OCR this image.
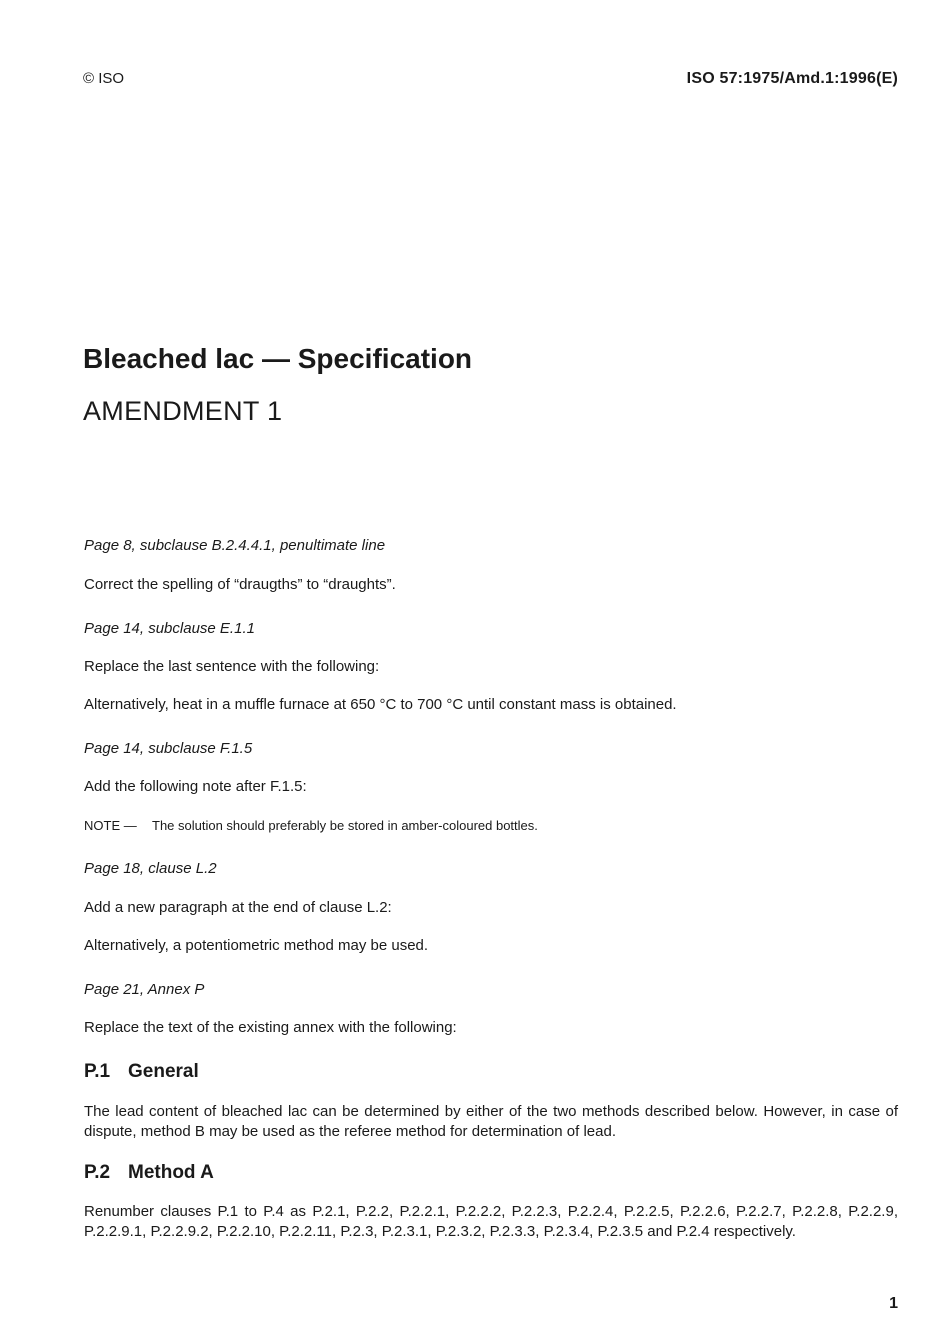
© ISO	ISO 57:1975/Amd.1:1996(E)
Bleached lac — Specification
AMENDMENT 1
Page 8, subclause B.2.4.4.1, penultimate line
Correct the spelling of “draugths” to “draughts”.
Page 14, subclause E.1.1
Replace the last sentence with the following:
Alternatively, heat in a muffle furnace at 650 °C to 700 °C until constant mass is obtained.
Page 14, subclause F.1.5
Add the following note after F.1.5:
NOTE — The solution should preferably be stored in amber-coloured bottles.
Page 18, clause L.2
Add a new paragraph at the end of clause L.2:
Alternatively, a potentiometric method may be used.
Page 21, Annex P
Replace the text of the existing annex with the following:
P.1 General
The lead content of bleached lac can be determined by either of the two methods described below. However, in case of dispute, method B may be used as the referee method for determination of lead.
P.2 Method A
Renumber clauses P.1 to P.4 as P.2.1, P.2.2, P.2.2.1, P.2.2.2, P.2.2.3, P.2.2.4, P.2.2.5, P.2.2.6, P.2.2.7, P.2.2.8, P.2.2.9, P.2.2.9.1, P.2.2.9.2, P.2.2.10, P.2.2.11, P.2.3, P.2.3.1, P.2.3.2, P.2.3.3, P.2.3.4, P.2.3.5 and P.2.4 respectively.
1
